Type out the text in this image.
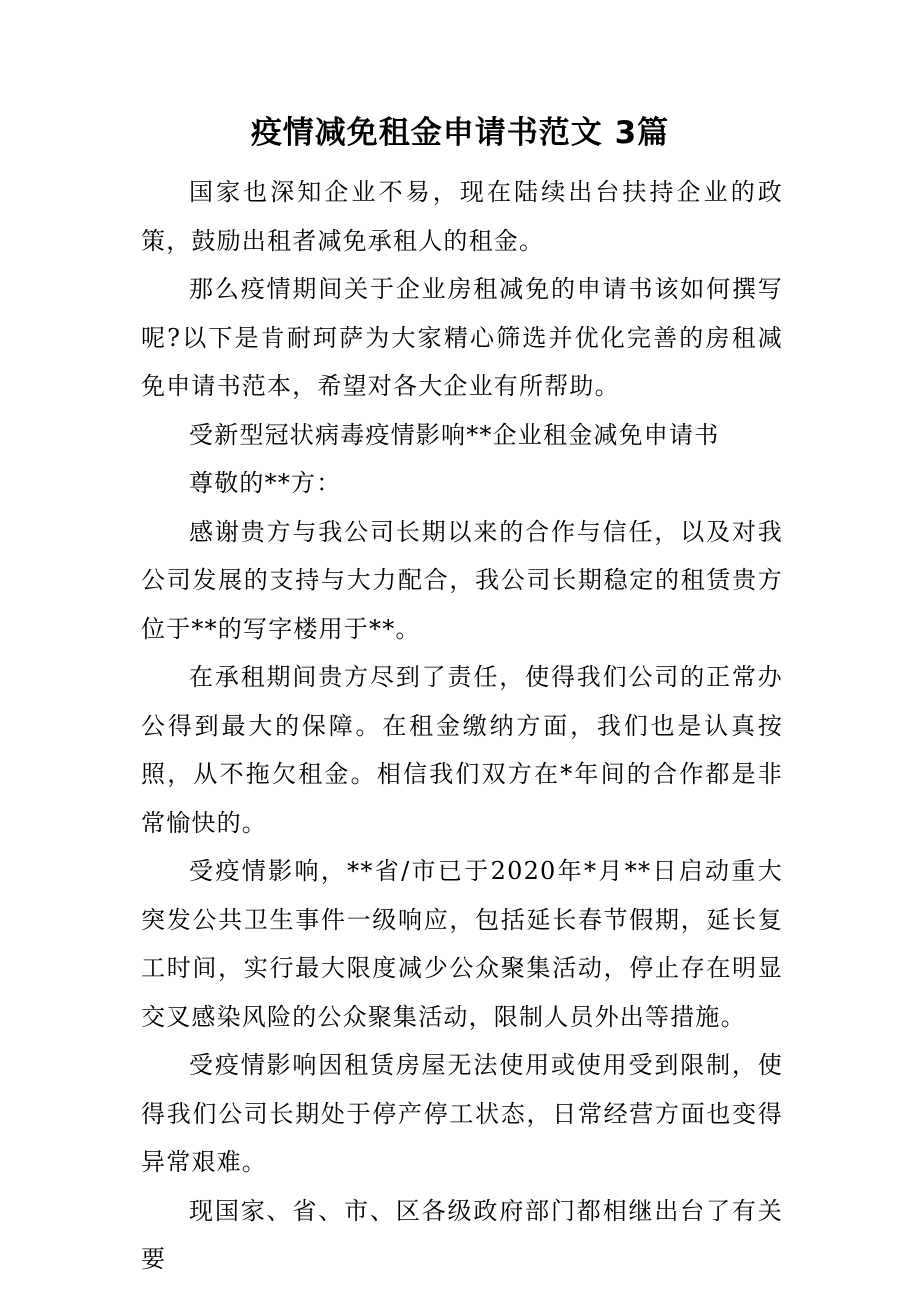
疫情减免租金申请书范文 3篇

国家也深知企业不易，现在陆续出台扶持企业的政策，鼓励出租者减免承租人的租金。

那么疫情期间关于企业房租减免的申请书该如何撰写呢?以下是肯耐珂萨为大家精心筛选并优化完善的房租减免申请书范本，希望对各大企业有所帮助。

受新型冠状病毒疫情影响**企业租金减免申请书

尊敬的**方：

感谢贵方与我公司长期以来的合作与信任，以及对我公司发展的支持与大力配合，我公司长期稳定的租赁贵方位于**的写字楼用于**。

在承租期间贵方尽到了责任，使得我们公司的正常办公得到最大的保障。在租金缴纳方面，我们也是认真按照，从不拖欠租金。相信我们双方在*年间的合作都是非常愉快的。

受疫情影响，**省/市已于2020年*月**日启动重大突发公共卫生事件一级响应，包括延长春节假期，延长复工时间，实行最大限度减少公众聚集活动，停止存在明显交叉感染风险的公众聚集活动，限制人员外出等措施。

受疫情影响因租赁房屋无法使用或使用受到限制，使得我们公司长期处于停产停工状态，日常经营方面也变得异常艰难。

现国家、省、市、区各级政府部门都相继出台了有关要
